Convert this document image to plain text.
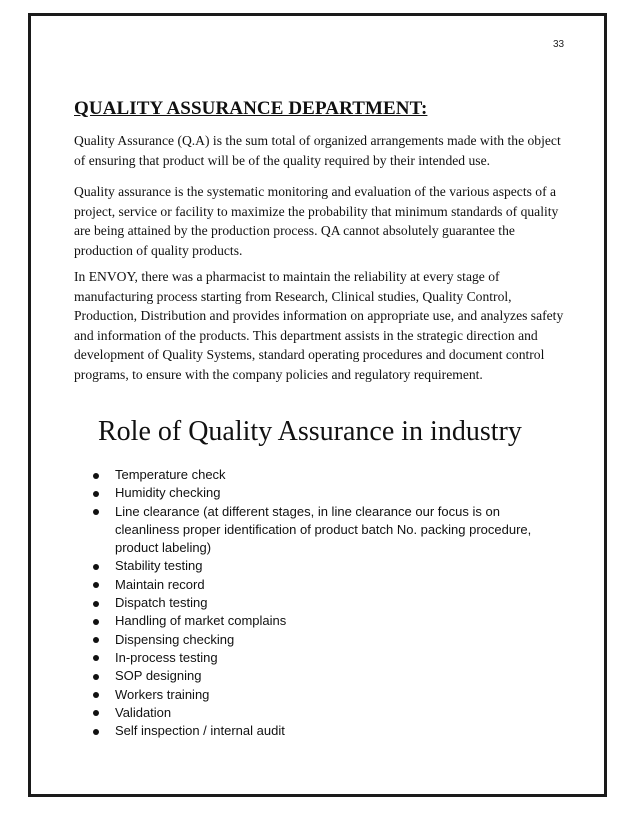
33
QUALITY ASSURANCE DEPARTMENT:

Quality Assurance (Q.A) is the sum total of organized arrangements made with the object of ensuring that product will be of the quality required by their intended use.

Quality assurance is the systematic monitoring and evaluation of the various aspects of a project, service or facility to maximize the probability that minimum standards of quality are being attained by the production process. QA cannot absolutely guarantee the production of quality products.

In ENVOY, there was a pharmacist to maintain the reliability at every stage of manufacturing process starting from Research, Clinical studies, Quality Control, Production, Distribution and provides information on appropriate use, and analyzes safety and information of the products. This department assists in the strategic direction and development of Quality Systems, standard operating procedures and document control programs, to ensure with the company policies and regulatory requirement.

Role of Quality Assurance in industry
Temperature check
Humidity checking
Line clearance (at different stages, in line clearance our focus is on cleanliness proper identification of product batch No. packing procedure, product labeling)
Stability testing
Maintain record
Dispatch testing
Handling of market complains
Dispensing checking
In-process testing
SOP designing
Workers training
Validation
Self inspection / internal audit
